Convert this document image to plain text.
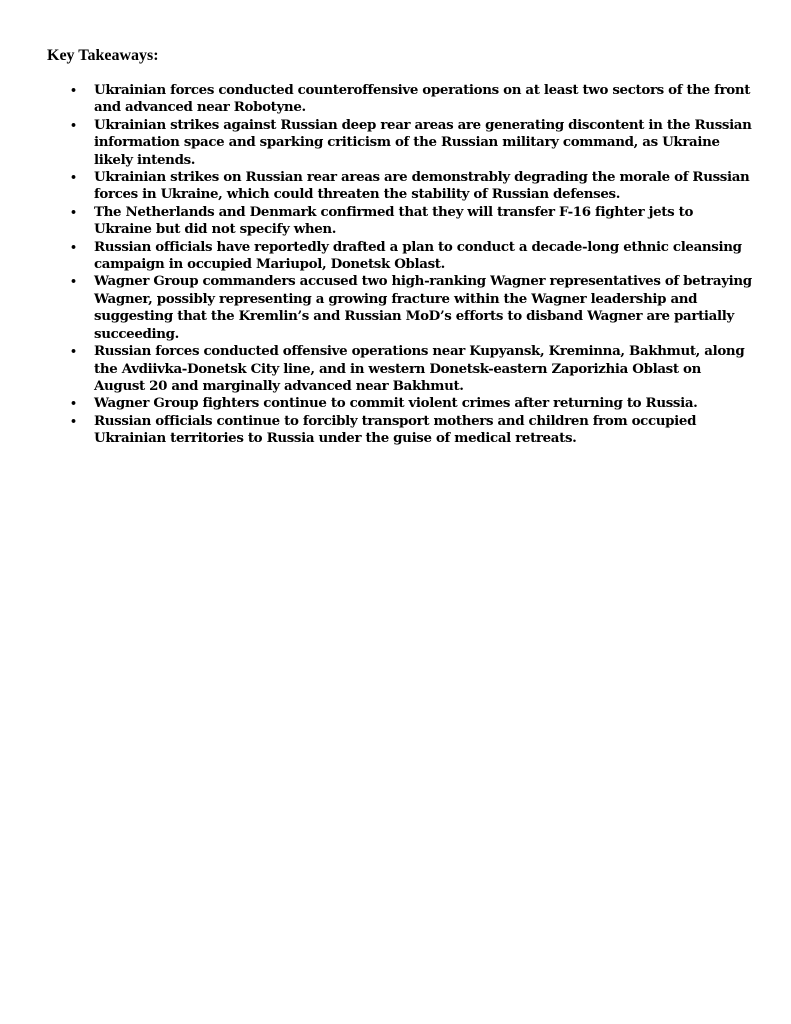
Key Takeaways:
• Ukrainian forces conducted counteroffensive operations on at least two sectors of the front and advanced near Robotyne.
• Ukrainian strikes against Russian deep rear areas are generating discontent in the Russian information space and sparking criticism of the Russian military command, as Ukraine likely intends.
• Ukrainian strikes on Russian rear areas are demonstrably degrading the morale of Russian forces in Ukraine, which could threaten the stability of Russian defenses.
• The Netherlands and Denmark confirmed that they will transfer F-16 fighter jets to Ukraine but did not specify when.
• Russian officials have reportedly drafted a plan to conduct a decade-long ethnic cleansing campaign in occupied Mariupol, Donetsk Oblast.
• Wagner Group commanders accused two high-ranking Wagner representatives of betraying Wagner, possibly representing a growing fracture within the Wagner leadership and suggesting that the Kremlin’s and Russian MoD’s efforts to disband Wagner are partially succeeding.
• Russian forces conducted offensive operations near Kupyansk, Kreminna, Bakhmut, along the Avdiivka-Donetsk City line, and in western Donetsk-eastern Zaporizhia Oblast on August 20 and marginally advanced near Bakhmut.
• Wagner Group fighters continue to commit violent crimes after returning to Russia.
• Russian officials continue to forcibly transport mothers and children from occupied Ukrainian territories to Russia under the guise of medical retreats.
